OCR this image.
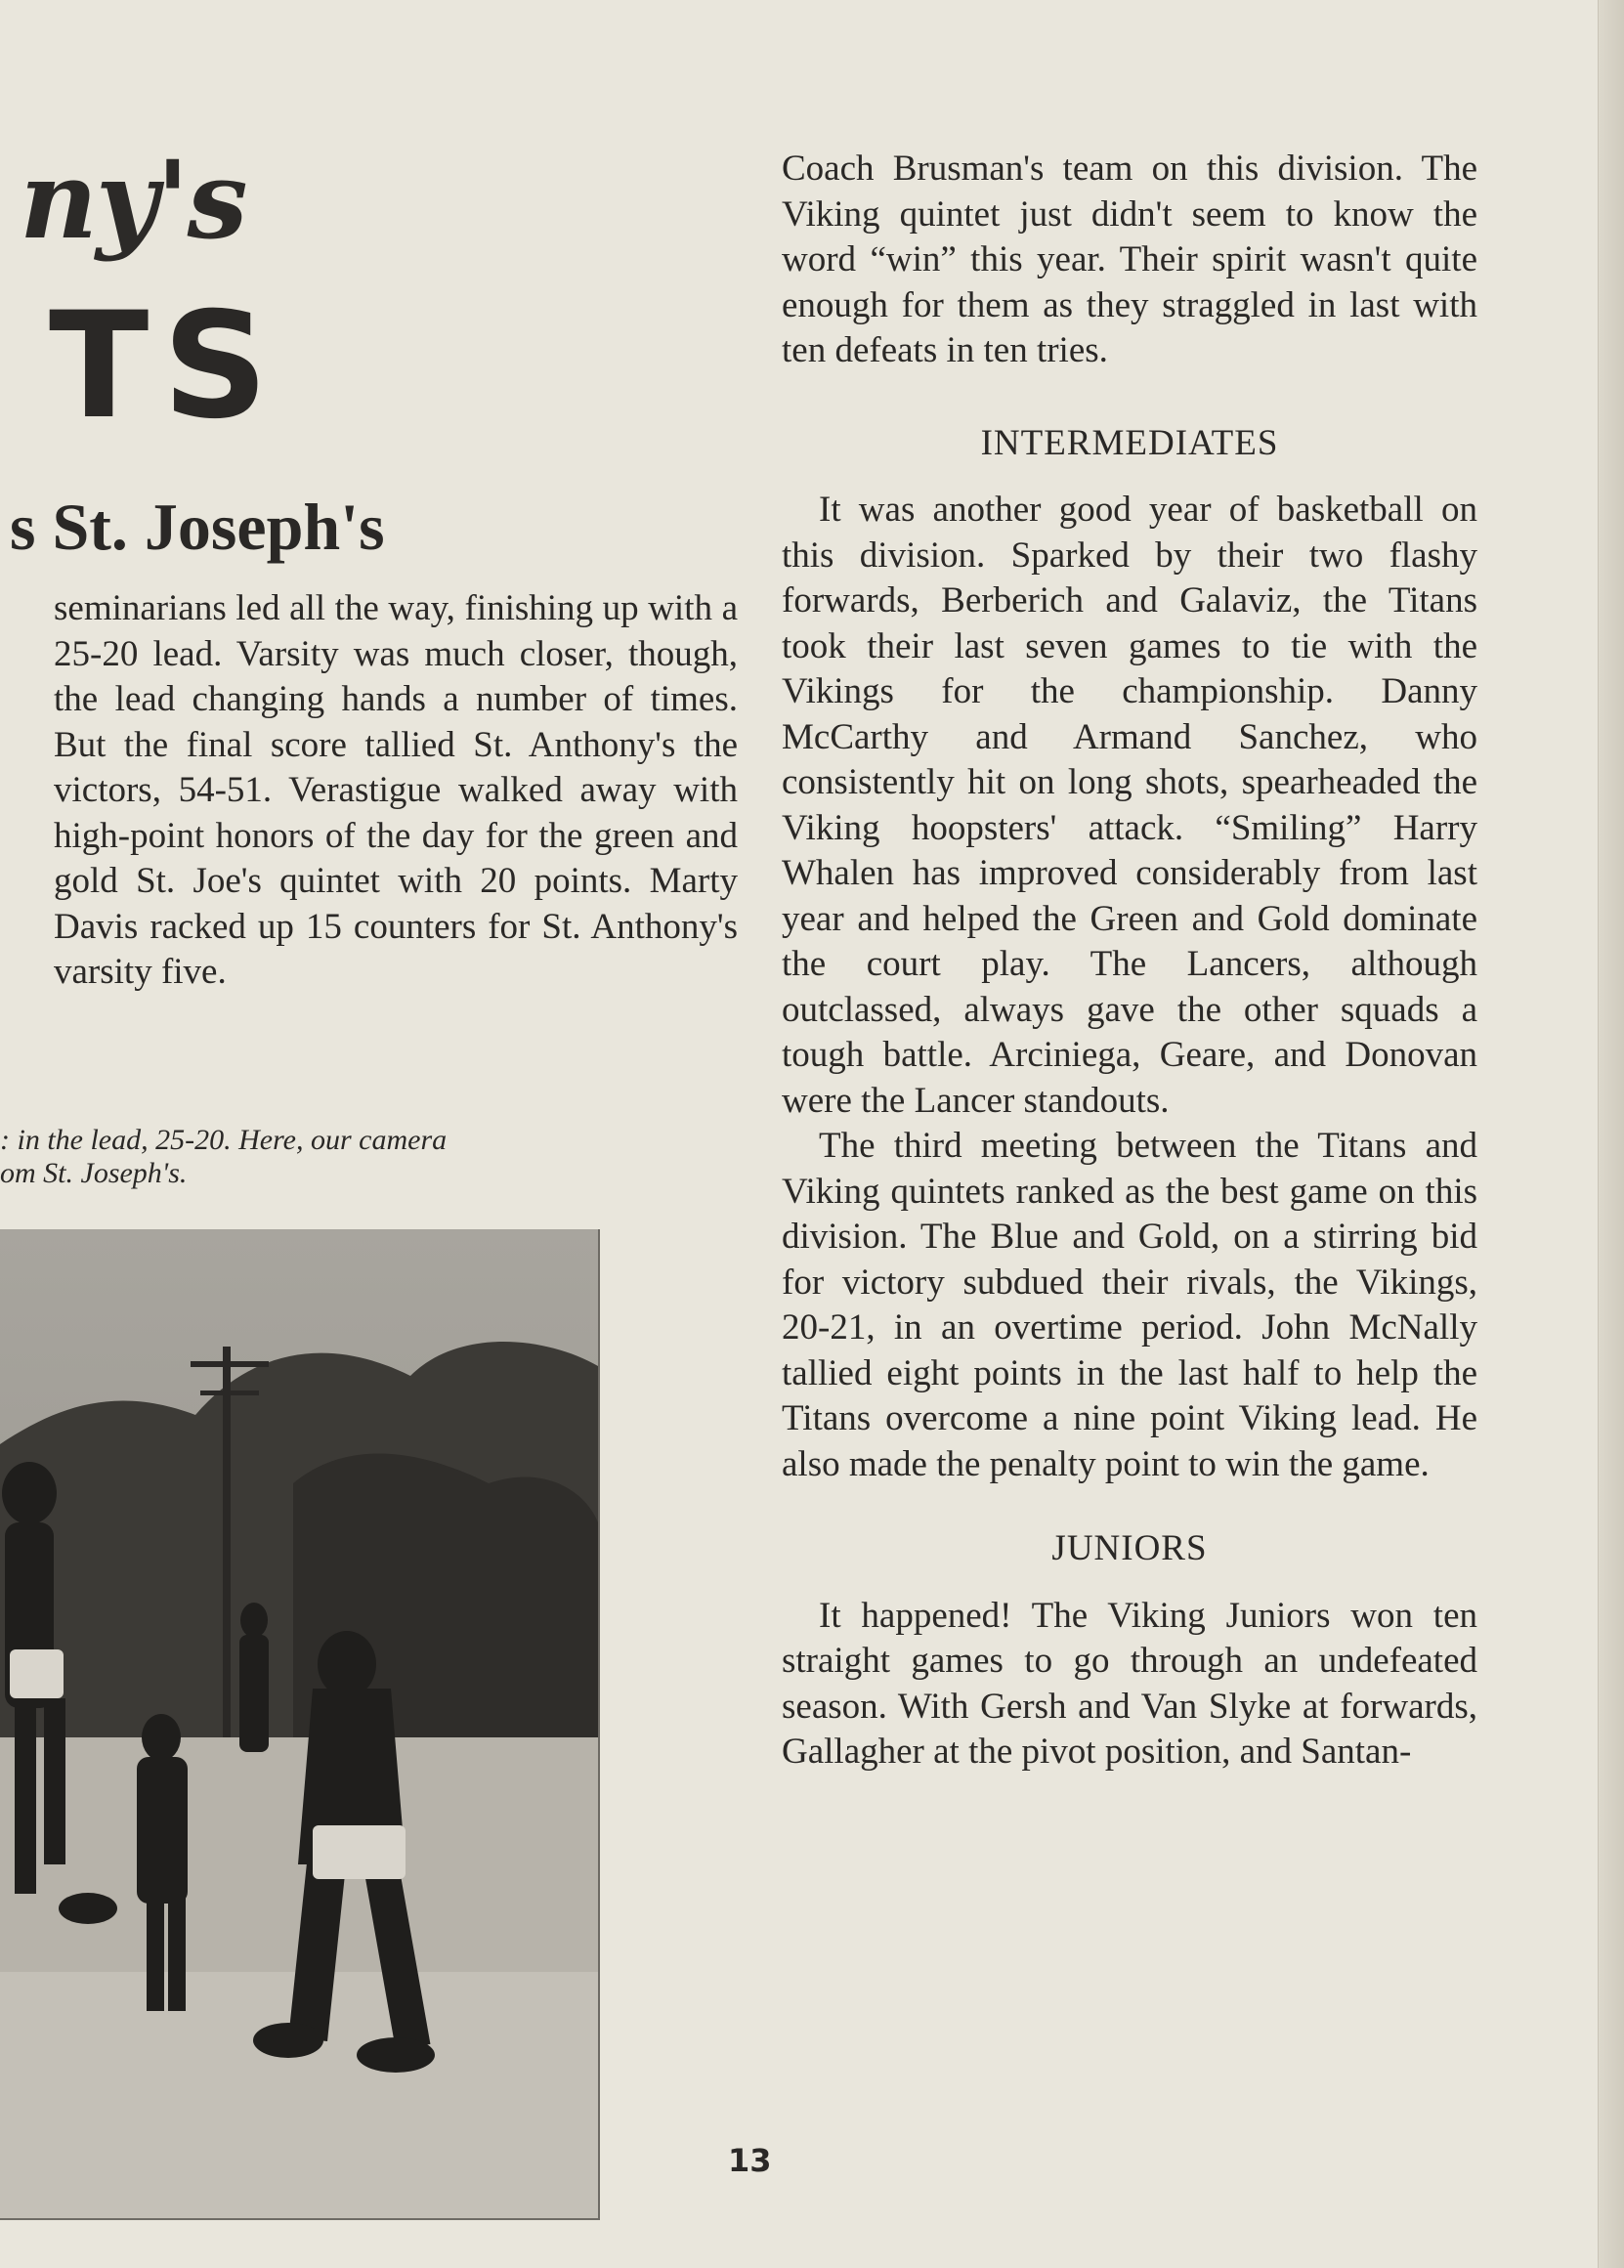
ny's
TS
s St. Joseph's

seminarians led all the way, finishing up with a 25-20 lead. Varsity was much closer, though, the lead changing hands a number of times. But the final score tallied St. Anthony's the victors, 54-51. Verastigue walked away with high-point honors of the day for the green and gold St. Joe's quintet with 20 points. Marty Davis racked up 15 counters for St. Anthony's varsity five.

: in the lead, 25-20. Here, our camera
om St. Joseph's.

Coach Brusman's team on this division. The Viking quintet just didn't seem to know the word “win” this year. Their spirit wasn't quite enough for them as they straggled in last with ten defeats in ten tries.

INTERMEDIATES

It was another good year of basketball on this division. Sparked by their two flashy forwards, Berberich and Galaviz, the Titans took their last seven games to tie with the Vikings for the championship. Danny McCarthy and Armand Sanchez, who consistently hit on long shots, spearheaded the Viking hoopsters' attack. “Smiling” Harry Whalen has improved considerably from last year and helped the Green and Gold dominate the court play. The Lancers, although outclassed, always gave the other squads a tough battle. Arciniega, Geare, and Donovan were the Lancer standouts.

The third meeting between the Titans and Viking quintets ranked as the best game on this division. The Blue and Gold, on a stirring bid for victory subdued their rivals, the Vikings, 20-21, in an overtime period. John McNally tallied eight points in the last half to help the Titans overcome a nine point Viking lead. He also made the penalty point to win the game.

JUNIORS

It happened! The Viking Juniors won ten straight games to go through an undefeated season. With Gersh and Van Slyke at forwards, Gallagher at the pivot position, and Santan-

13
